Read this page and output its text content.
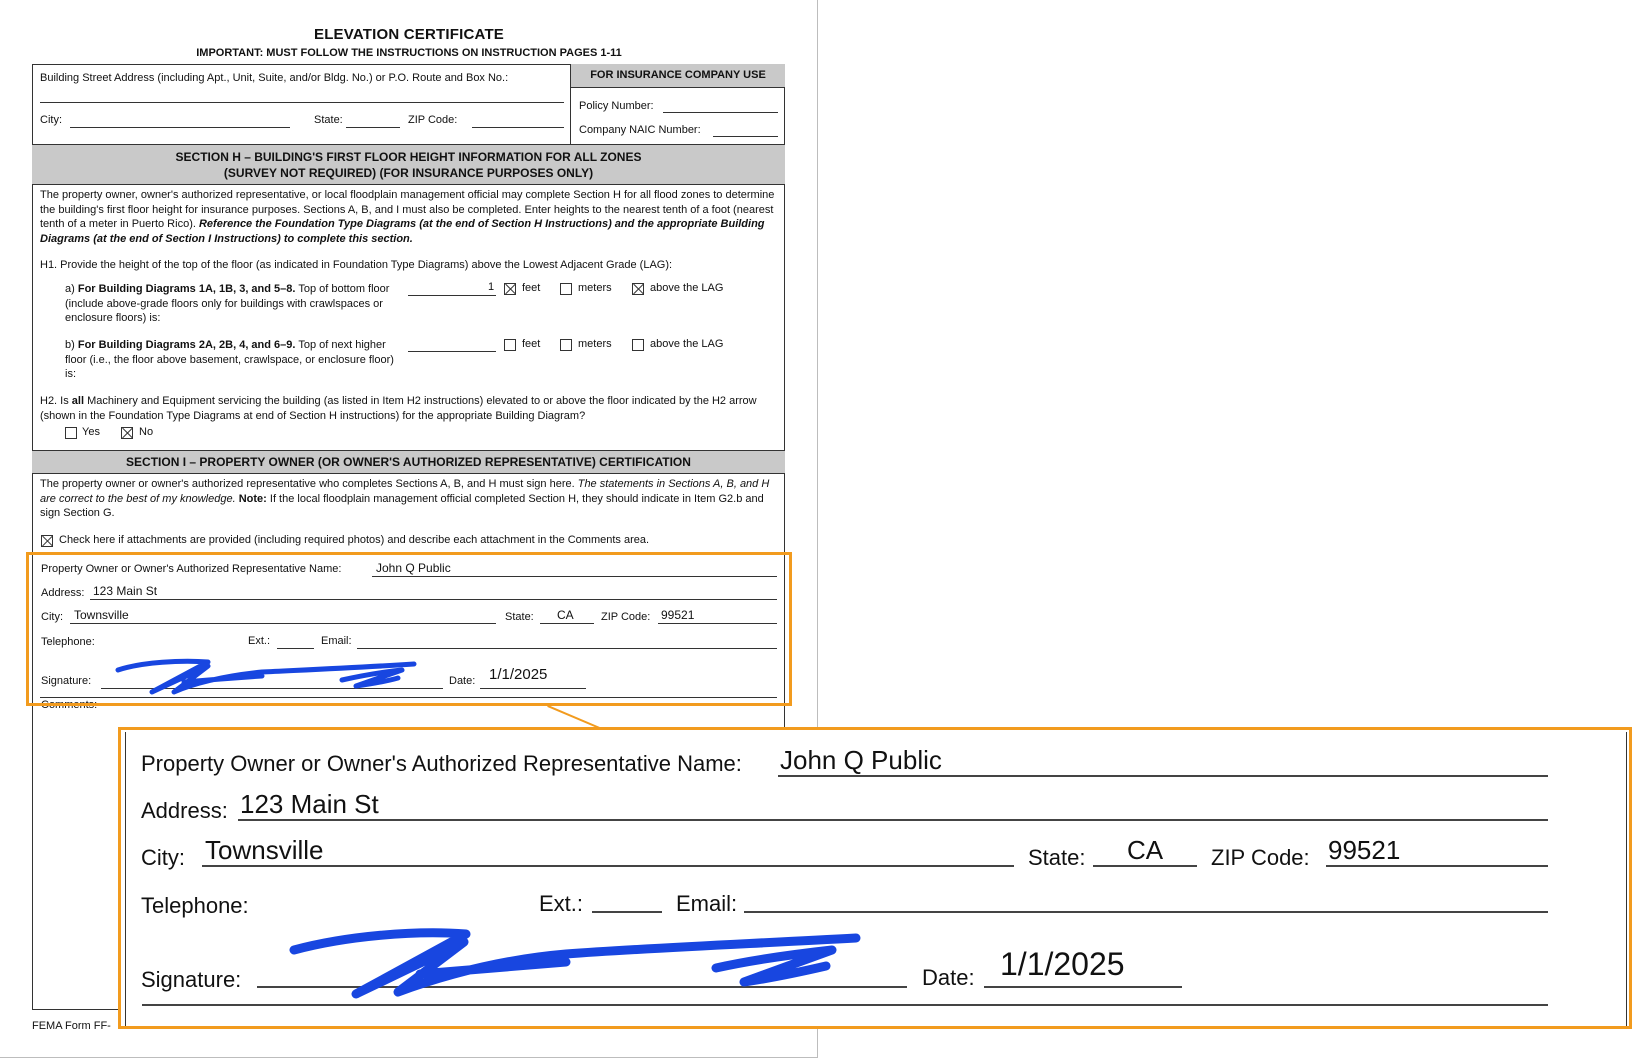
ELEVATION CERTIFICATE
IMPORTANT: MUST FOLLOW THE INSTRUCTIONS ON INSTRUCTION PAGES 1-11
Building Street Address (including Apt., Unit, Suite, and/or Bldg. No.) or P.O. Route and Box No.:
City:	State:	ZIP Code:
FOR INSURANCE COMPANY USE
Policy Number:
Company NAIC Number:
SECTION H – BUILDING'S FIRST FLOOR HEIGHT INFORMATION FOR ALL ZONES
(SURVEY NOT REQUIRED) (FOR INSURANCE PURPOSES ONLY)
The property owner, owner's authorized representative, or local floodplain management official may complete Section H for all flood zones to determine the building's first floor height for insurance purposes. Sections A, B, and I must also be completed. Enter heights to the nearest tenth of a foot (nearest tenth of a meter in Puerto Rico). Reference the Foundation Type Diagrams (at the end of Section H Instructions) and the appropriate Building Diagrams (at the end of Section I Instructions) to complete this section.
H1. Provide the height of the top of the floor (as indicated in Foundation Type Diagrams) above the Lowest Adjacent Grade (LAG):
a) For Building Diagrams 1A, 1B, 3, and 5–8. Top of bottom floor (include above-grade floors only for buildings with crawlspaces or enclosure floors) is:
1	feet	meters	above the LAG
b) For Building Diagrams 2A, 2B, 4, and 6–9. Top of next higher floor (i.e., the floor above basement, crawlspace, or enclosure floor) is:
feet	meters	above the LAG
H2. Is all Machinery and Equipment servicing the building (as listed in Item H2 instructions) elevated to or above the floor indicated by the H2 arrow (shown in the Foundation Type Diagrams at end of Section H instructions) for the appropriate Building Diagram?
Yes	No
SECTION I – PROPERTY OWNER (OR OWNER'S AUTHORIZED REPRESENTATIVE) CERTIFICATION
The property owner or owner's authorized representative who completes Sections A, B, and H must sign here. The statements in Sections A, B, and H are correct to the best of my knowledge. Note: If the local floodplain management official completed Section H, they should indicate in Item G2.b and sign Section G.
Check here if attachments are provided (including required photos) and describe each attachment in the Comments area.
Property Owner or Owner's Authorized Representative Name:	John Q Public
Address: 123 Main St
City: Townsville	State: CA ZIP Code: 99521
Telephone:	Ext.:	Email:
Signature:	Date: 1/1/2025
Comments:
FEMA Form FF-
Property Owner or Owner's Authorized Representative Name: John Q Public
Address: 123 Main St
City: Townsville	State: CA ZIP Code: 99521
Telephone:	Ext.:	Email:
Signature:	Date: 1/1/2025
